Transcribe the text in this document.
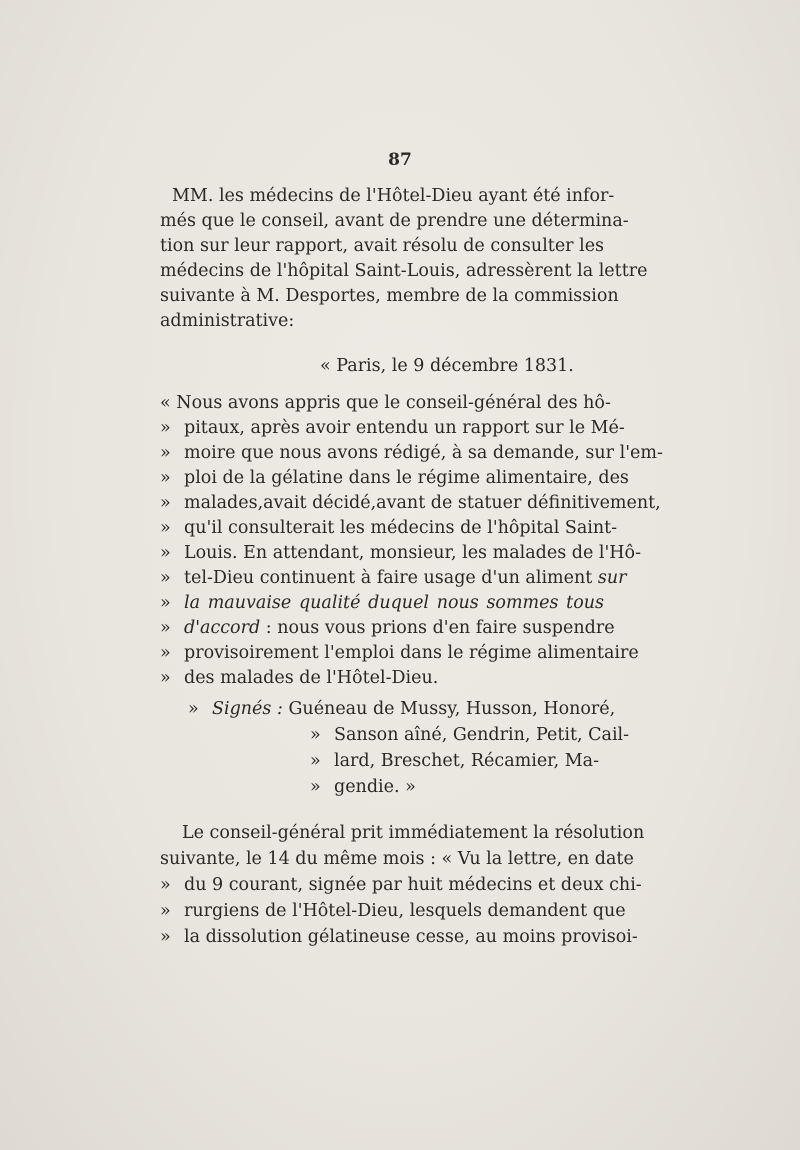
87
MM. les médecins de l'Hôtel-Dieu ayant été infor-
més que le conseil, avant de prendre une détermina-
tion sur leur rapport, avait résolu de consulter les
médecins de l'hôpital Saint-Louis, adressèrent la lettre
suivante à M. Desportes, membre de la commission
administrative:
« Paris, le 9 décembre 1831.
« Nous avons appris que le conseil-général des hô-
» pitaux, après avoir entendu un rapport sur le Mé-
» moire que nous avons rédigé, à sa demande, sur l'em-
» ploi de la gélatine dans le régime alimentaire, des
» malades,avait décidé,avant de statuer définitivement,
» qu'il consulterait les médecins de l'hôpital Saint-
» Louis. En attendant, monsieur, les malades de l'Hô-
» tel-Dieu continuent à faire usage d'un aliment sur
» la mauvaise qualité duquel nous sommes tous
» d'accord : nous vous prions d'en faire suspendre
» provisoirement l'emploi dans le régime alimentaire
» des malades de l'Hôtel-Dieu.
» Signés : Guéneau de Mussy, Husson, Honoré,
» Sanson aîné, Gendrin, Petit, Cail-
» lard, Breschet, Récamier, Ma-
» gendie. »
Le conseil-général prit immédiatement la résolution
suivante, le 14 du même mois : « Vu la lettre, en date
» du 9 courant, signée par huit médecins et deux chi-
» rurgiens de l'Hôtel-Dieu, lesquels demandent que
» la dissolution gélatineuse cesse, au moins provisoi-
